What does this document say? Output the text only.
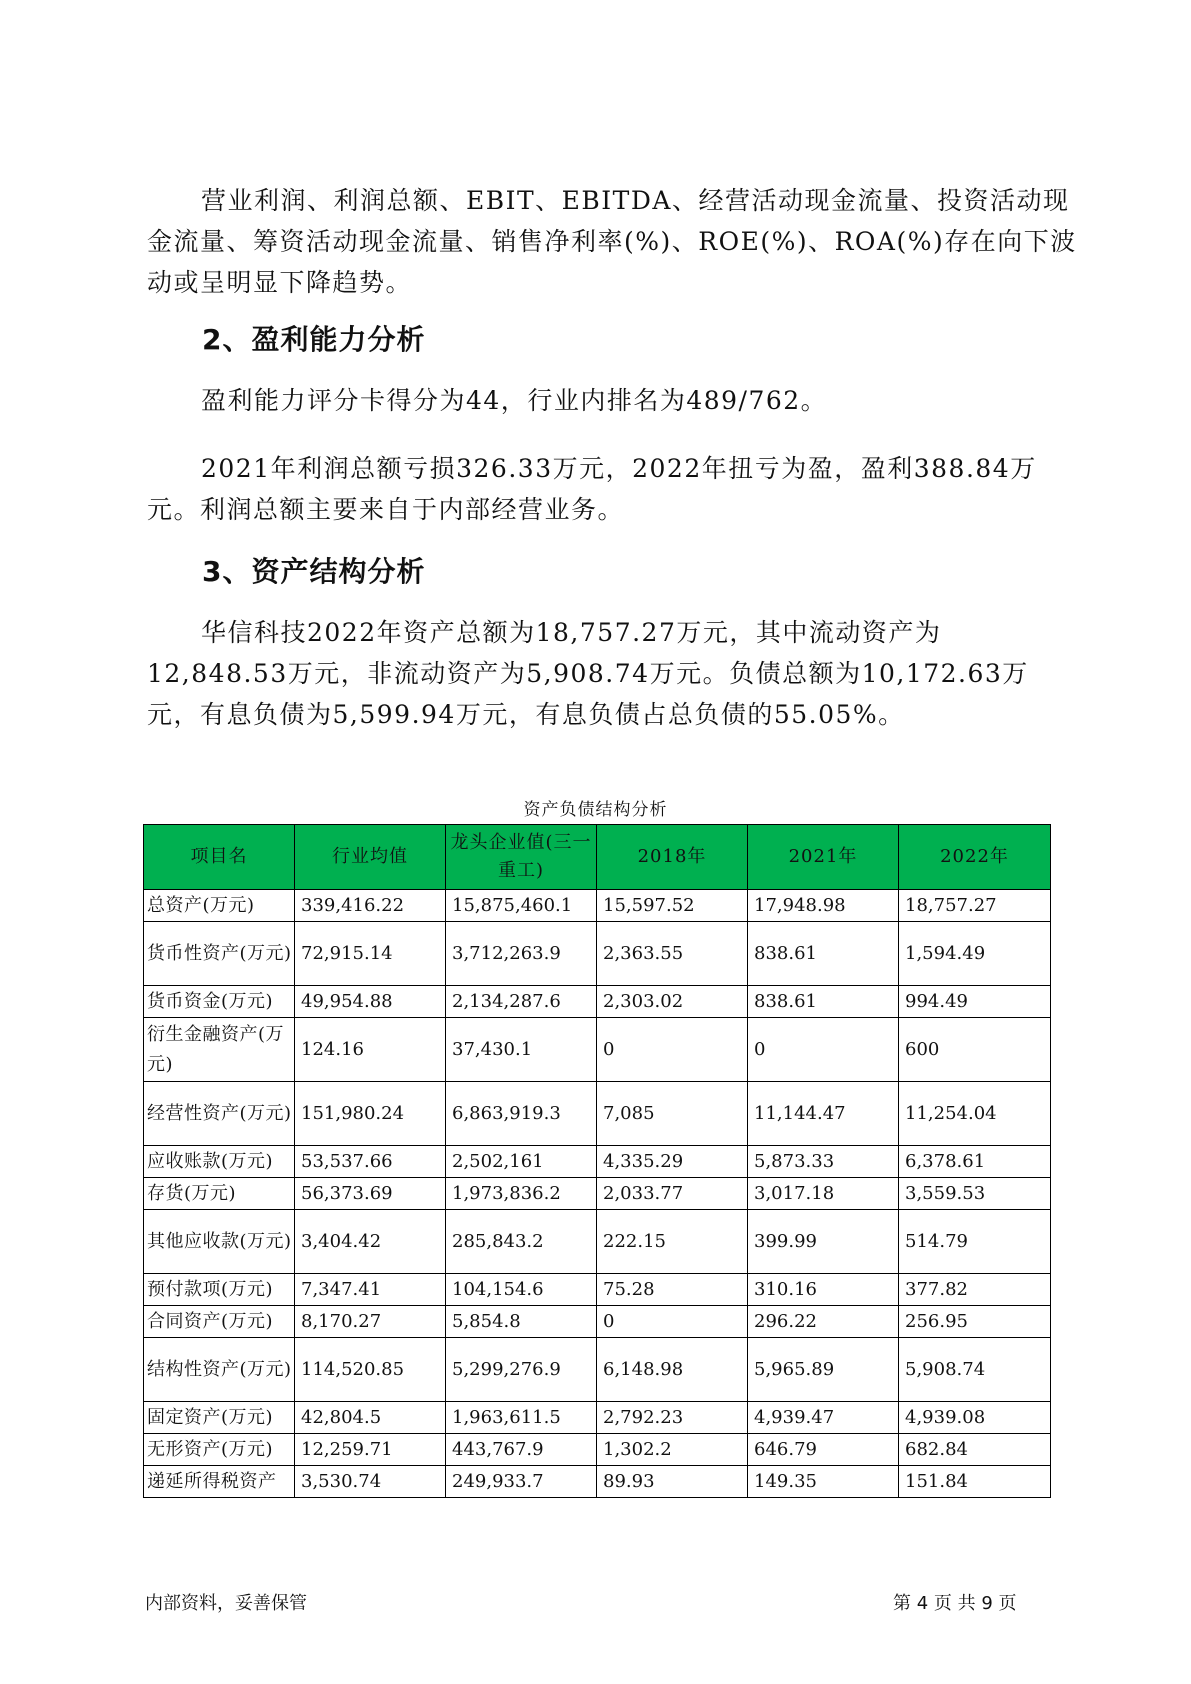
营业利润、利润总额、EBIT、EBITDA、经营活动现金流量、投资活动现金流量、筹资活动现金流量、销售净利率(%)、ROE(%)、ROA(%)存在向下波动或呈明显下降趋势。

2、盈利能力分析

盈利能力评分卡得分为44，行业内排名为489/762。

2021年利润总额亏损326.33万元，2022年扭亏为盈，盈利388.84万元。利润总额主要来自于内部经营业务。

3、资产结构分析

华信科技2022年资产总额为18,757.27万元，其中流动资产为12,848.53万元，非流动资产为5,908.74万元。负债总额为10,172.63万元，有息负债为5,599.94万元，有息负债占总负债的55.05%。

资产负债结构分析
项目名	行业均值	龙头企业值(三一重工)	2018年	2021年	2022年
总资产(万元)	339,416.22	15,875,460.1	15,597.52	17,948.98	18,757.27
货币性资产(万元)	72,915.14	3,712,263.9	2,363.55	838.61	1,594.49
货币资金(万元)	49,954.88	2,134,287.6	2,303.02	838.61	994.49
衍生金融资产(万元)	124.16	37,430.1	0	0	600
经营性资产(万元)	151,980.24	6,863,919.3	7,085	11,144.47	11,254.04
应收账款(万元)	53,537.66	2,502,161	4,335.29	5,873.33	6,378.61
存货(万元)	56,373.69	1,973,836.2	2,033.77	3,017.18	3,559.53
其他应收款(万元)	3,404.42	285,843.2	222.15	399.99	514.79
预付款项(万元)	7,347.41	104,154.6	75.28	310.16	377.82
合同资产(万元)	8,170.27	5,854.8	0	296.22	256.95
结构性资产(万元)	114,520.85	5,299,276.9	6,148.98	5,965.89	5,908.74
固定资产(万元)	42,804.5	1,963,611.5	2,792.23	4,939.47	4,939.08
无形资产(万元)	12,259.71	443,767.9	1,302.2	646.79	682.84
递延所得税资产	3,530.74	249,933.7	89.93	149.35	151.84
内部资料，妥善保管	第 4 页 共 9 页
